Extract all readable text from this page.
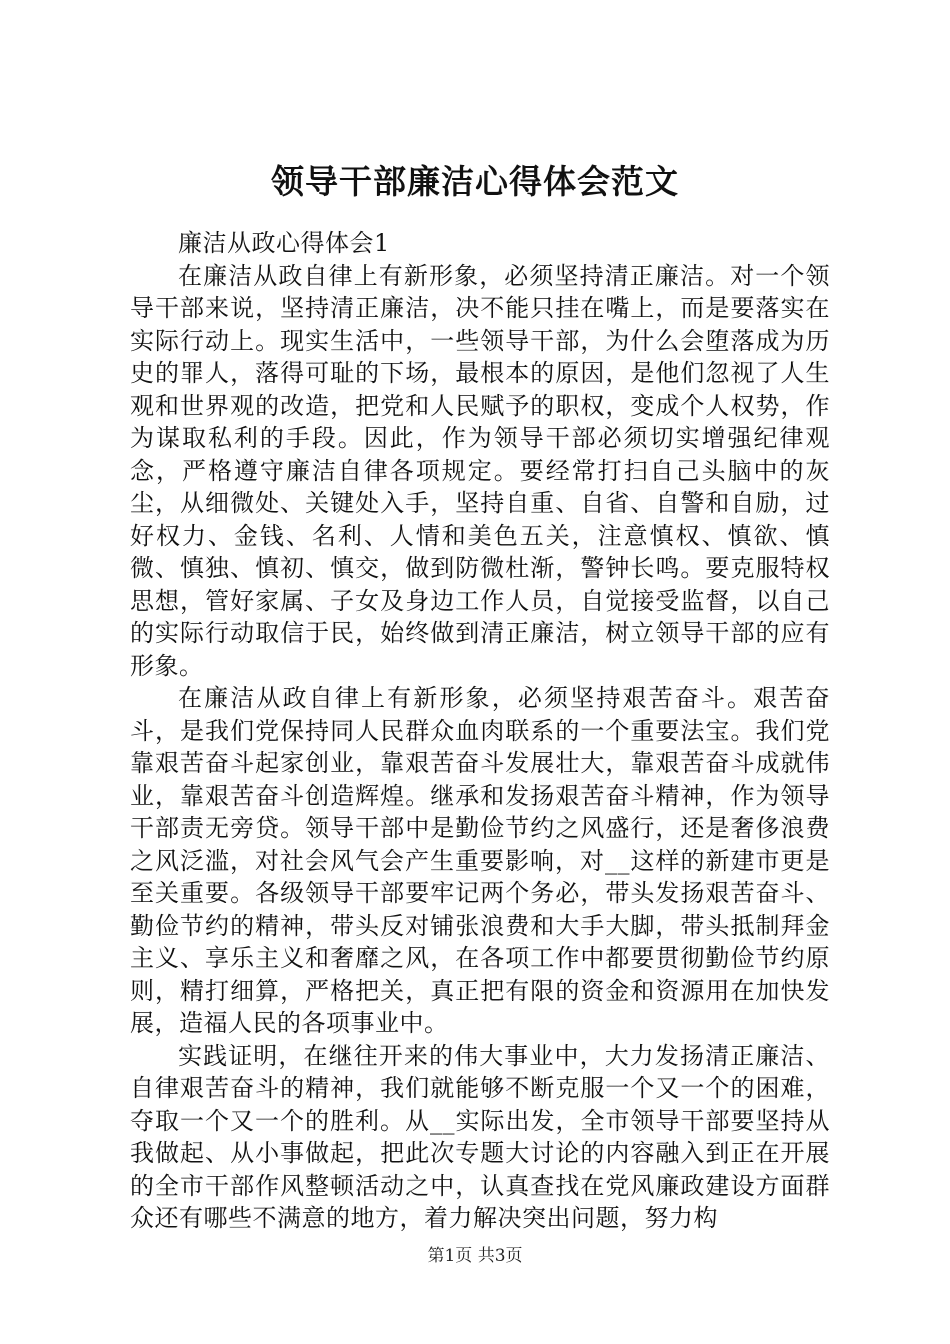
领导干部廉洁心得体会范文

廉洁从政心得体会1

在廉洁从政自律上有新形象，必须坚持清正廉洁。对一个领导干部来说，坚持清正廉洁，决不能只挂在嘴上，而是要落实在实际行动上。现实生活中，一些领导干部，为什么会堕落成为历史的罪人，落得可耻的下场，最根本的原因，是他们忽视了人生观和世界观的改造，把党和人民赋予的职权，变成个人权势，作为谋取私利的手段。因此，作为领导干部必须切实增强纪律观念，严格遵守廉洁自律各项规定。要经常打扫自己头脑中的灰尘，从细微处、关键处入手，坚持自重、自省、自警和自励，过好权力、金钱、名利、人情和美色五关，注意慎权、慎欲、慎微、慎独、慎初、慎交，做到防微杜渐，警钟长鸣。要克服特权思想，管好家属、子女及身边工作人员，自觉接受监督，以自己的实际行动取信于民，始终做到清正廉洁，树立领导干部的应有形象。

在廉洁从政自律上有新形象，必须坚持艰苦奋斗。艰苦奋斗，是我们党保持同人民群众血肉联系的一个重要法宝。我们党靠艰苦奋斗起家创业，靠艰苦奋斗发展壮大，靠艰苦奋斗成就伟业，靠艰苦奋斗创造辉煌。继承和发扬艰苦奋斗精神，作为领导干部责无旁贷。领导干部中是勤俭节约之风盛行，还是奢侈浪费之风泛滥，对社会风气会产生重要影响，对__这样的新建市更是至关重要。各级领导干部要牢记两个务必，带头发扬艰苦奋斗、勤俭节约的精神，带头反对铺张浪费和大手大脚，带头抵制拜金主义、享乐主义和奢靡之风，在各项工作中都要贯彻勤俭节约原则，精打细算，严格把关，真正把有限的资金和资源用在加快发展，造福人民的各项事业中。

实践证明，在继往开来的伟大事业中，大力发扬清正廉洁、自律艰苦奋斗的精神，我们就能够不断克服一个又一个的困难，夺取一个又一个的胜利。从__实际出发，全市领导干部要坚持从我做起、从小事做起，把此次专题大讨论的内容融入到正在开展的全市干部作风整顿活动之中，认真查找在党风廉政建设方面群众还有哪些不满意的地方，着力解决突出问题，努力构

第1页 共3页
